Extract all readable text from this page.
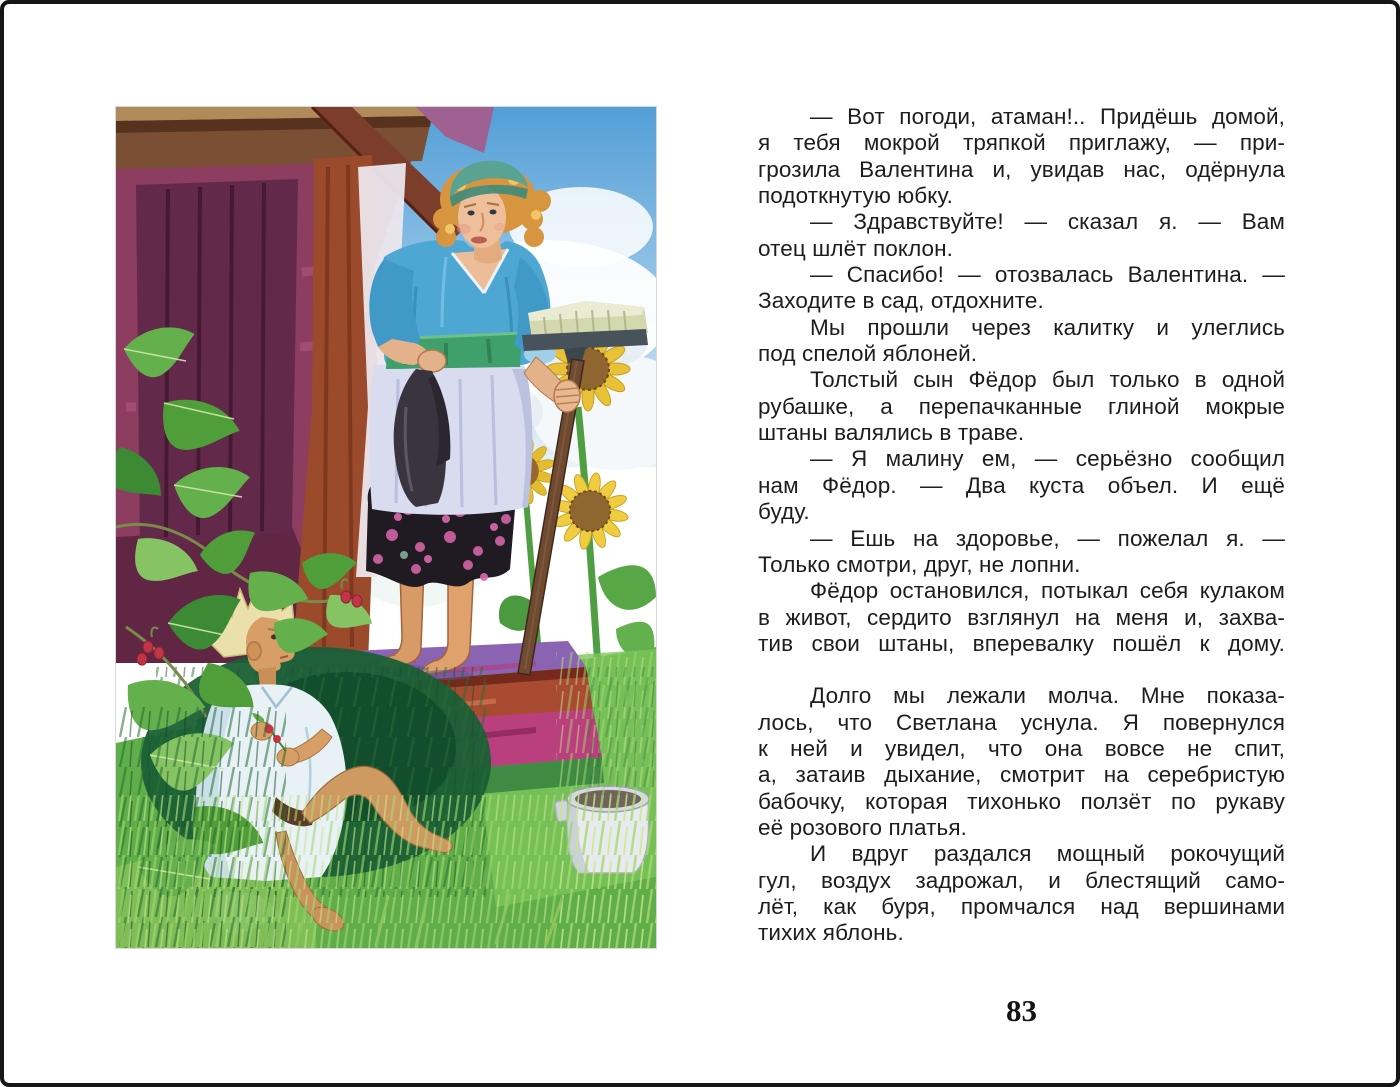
— Вот погоди, атаман!.. Придёшь домой,
я тебя мокрой тряпкой приглажу, — при-
грозила Валентина и, увидав нас, одёрнула
подоткнутую юбку.

— Здравствуйте! — сказал я. — Вам
отец шлёт поклон.

— Спасибо! — отозвалась Валентина. —
Заходите в сад, отдохните.

Мы прошли через калитку и улеглись
под спелой яблоней.

Толстый сын Фёдор был только в одной
рубашке, а перепачканные глиной мокрые
штаны валялись в траве.

— Я малину ем, — серьёзно сообщил
нам Фёдор. — Два куста объел. И ещё
буду.

— Ешь на здоровье, — пожелал я. —
Только смотри, друг, не лопни.

Фёдор остановился, потыкал себя кулаком
в живот, сердито взглянул на меня и, захва-
тив свои штаны, вперевалку пошёл к дому.

Долго мы лежали молча. Мне показа-
лось, что Светлана уснула. Я повернулся
к ней и увидел, что она вовсе не спит,
а, затаив дыхание, смотрит на серебристую
бабочку, которая тихонько ползёт по рукаву
её розового платья.

И вдруг раздался мощный рокочущий
гул, воздух задрожал, и блестящий само-
лёт, как буря, промчался над вершинами
тихих яблонь.

83
